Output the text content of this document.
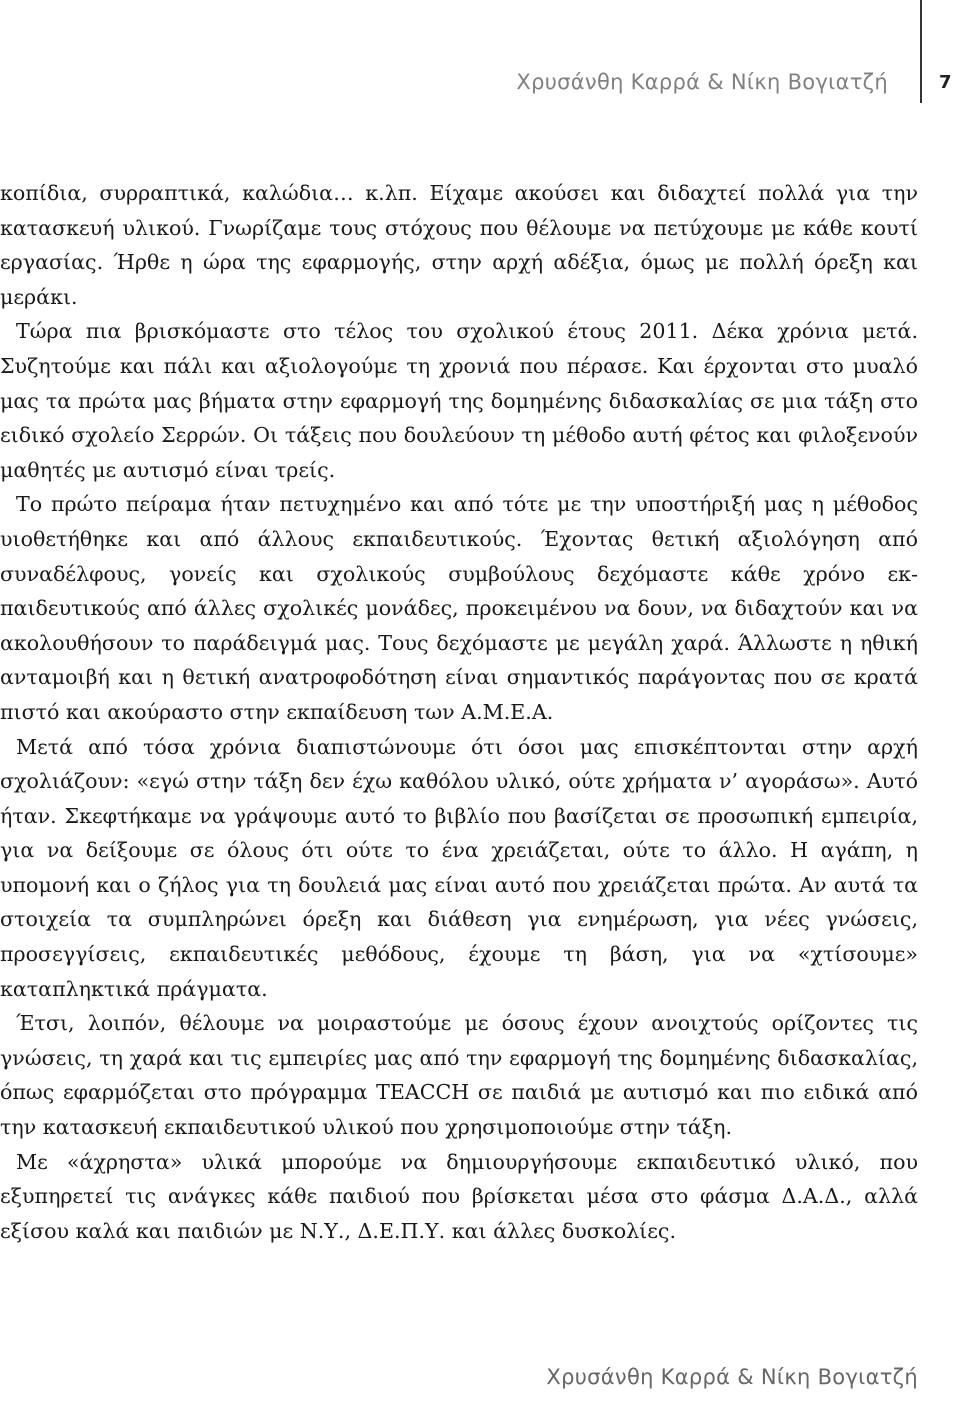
Χρυσάνθη Καρρά & Νίκη Βογιατζή	7

κοπίδια, συρραπτικά, καλώδια… κ.λπ. Είχαμε ακούσει και διδαχτεί πολλά για την κατασκευή υλικού. Γνωρίζαμε τους στόχους που θέλουμε να πετύχουμε με κάθε κουτί εργασίας. Ήρθε η ώρα της εφαρμογής, στην αρχή αδέξια, όμως με πολλή όρεξη και μεράκι.

Τώρα πια βρισκόμαστε στο τέλος του σχολικού έτους 2011. Δέκα χρόνια μετά. Συζητούμε και πάλι και αξιολογούμε τη χρονιά που πέρασε. Και έρχονται στο μυαλό μας τα πρώτα μας βήματα στην εφαρμογή της δομημένης διδασκαλίας σε μια τάξη στο ειδικό σχολείο Σερρών. Οι τάξεις που δουλεύουν τη μέθοδο αυτή φέτος και φιλοξενούν μαθητές με αυτισμό είναι τρείς.

Το πρώτο πείραμα ήταν πετυχημένο και από τότε με την υποστήριξή μας η μέθοδος υιοθετήθηκε και από άλλους εκπαιδευτικούς. Έχοντας θετική αξιολόγηση από συναδέλφους, γονείς και σχολικούς συμβούλους δεχόμαστε κάθε χρόνο εκπαιδευτικούς από άλλες σχολικές μονάδες, προκειμένου να δουν, να διδαχτούν και να ακολουθήσουν το παράδειγμά μας. Τους δεχόμαστε με μεγάλη χαρά. Άλλωστε η ηθική ανταμοιβή και η θετική ανατροφοδότηση είναι σημαντικός παράγοντας που σε κρατά πιστό και ακούραστο στην εκπαίδευση των Α.Μ.Ε.Α.

Μετά από τόσα χρόνια διαπιστώνουμε ότι όσοι μας επισκέπτονται στην αρχή σχολιάζουν: «εγώ στην τάξη δεν έχω καθόλου υλικό, ούτε χρήματα ν’ αγοράσω». Αυτό ήταν. Σκεφτήκαμε να γράψουμε αυτό το βιβλίο που βασίζεται σε προσωπική εμπειρία, για να δείξουμε σε όλους ότι ούτε το ένα χρειάζεται, ούτε το άλλο. Η αγάπη, η υπομονή και ο ζήλος για τη δουλειά μας είναι αυτό που χρειάζεται πρώτα. Αν αυτά τα στοιχεία τα συμπληρώνει όρεξη και διάθεση για ενημέρωση, για νέες γνώσεις, προσεγγίσεις, εκπαιδευτικές μεθόδους, έχουμε τη βάση, για να «χτίσουμε» καταπληκτικά πράγματα.

Έτσι, λοιπόν, θέλουμε να μοιραστούμε με όσους έχουν ανοιχτούς ορίζοντες τις γνώσεις, τη χαρά και τις εμπειρίες μας από την εφαρμογή της δομημένης διδασκαλίας, όπως εφαρμόζεται στο πρόγραμμα TEACCH σε παιδιά με αυτισμό και πιο ειδικά από την κατασκευή εκπαιδευτικού υλικού που χρησιμοποιούμε στην τάξη.

Με «άχρηστα» υλικά μπορούμε να δημιουργήσουμε εκπαιδευτικό υλικό, που εξυπηρετεί τις ανάγκες κάθε παιδιού που βρίσκεται μέσα στο φάσμα Δ.Α.Δ., αλλά εξίσου καλά και παιδιών με Ν.Υ., Δ.Ε.Π.Υ. και άλλες δυσκολίες.

Χρυσάνθη Καρρά & Νίκη Βογιατζή
